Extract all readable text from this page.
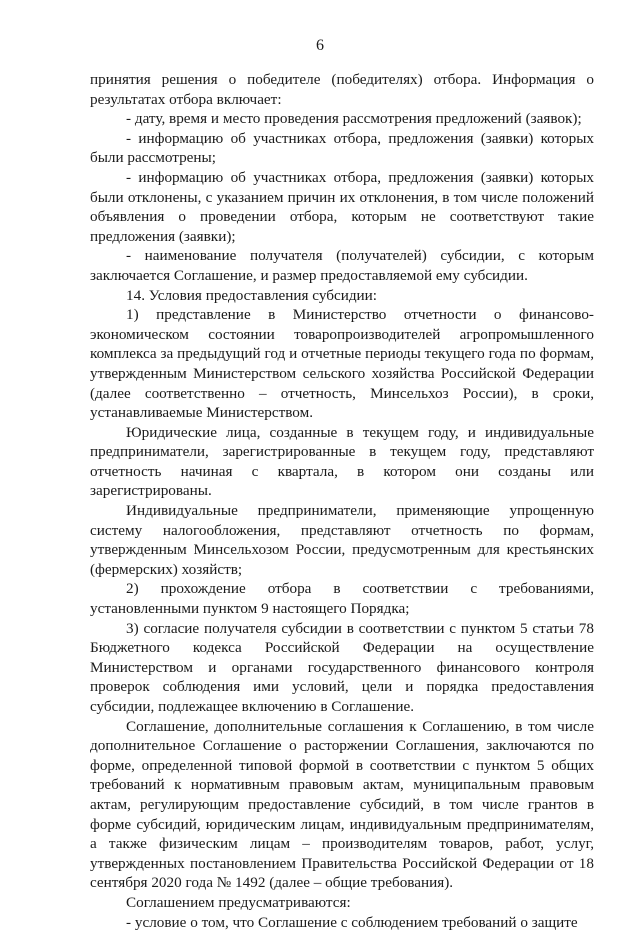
6

принятия решения о победителе (победителях) отбора. Информация о результатах отбора включает:

- дату, время и место проведения рассмотрения предложений (заявок);

- информацию об участниках отбора, предложения (заявки) которых были рассмотрены;

- информацию об участниках отбора, предложения (заявки) которых были отклонены, с указанием причин их отклонения, в том числе положений объявления о проведении отбора, которым не соответствуют такие предложения (заявки);

- наименование получателя (получателей) субсидии, с которым заключается Соглашение, и размер предоставляемой ему субсидии.

14. Условия предоставления субсидии:

1) представление в Министерство отчетности о финансово-экономическом состоянии товаропроизводителей агропромышленного комплекса за предыдущий год и отчетные периоды текущего года по формам, утвержденным Министерством сельского хозяйства Российской Федерации (далее соответственно – отчетность, Минсельхоз России), в сроки, устанавливаемые Министерством.

Юридические лица, созданные в текущем году, и индивидуальные предприниматели, зарегистрированные в текущем году, представляют отчетность начиная с квартала, в котором они созданы или зарегистрированы.

Индивидуальные предприниматели, применяющие упрощенную систему налогообложения, представляют отчетность по формам, утвержденным Минсельхозом России, предусмотренным для крестьянских (фермерских) хозяйств;

2) прохождение отбора в соответствии с требованиями, установленными пунктом 9 настоящего Порядка;

3) согласие получателя субсидии в соответствии с пунктом 5 статьи 78 Бюджетного кодекса Российской Федерации на осуществление Министерством и органами государственного финансового контроля проверок соблюдения ими условий, цели и порядка предоставления субсидии, подлежащее включению в Соглашение.

Соглашение, дополнительные соглашения к Соглашению, в том числе дополнительное Соглашение о расторжении Соглашения, заключаются по форме, определенной типовой формой в соответствии с пунктом 5 общих требований к нормативным правовым актам, муниципальным правовым актам, регулирующим предоставление субсидий, в том числе грантов в форме субсидий, юридическим лицам, индивидуальным предпринимателям, а также физическим лицам – производителям товаров, работ, услуг, утвержденных постановлением Правительства Российской Федерации от 18 сентября 2020 года № 1492 (далее – общие требования).

Соглашением предусматриваются:

- условие о том, что Соглашение с соблюдением требований о защите
